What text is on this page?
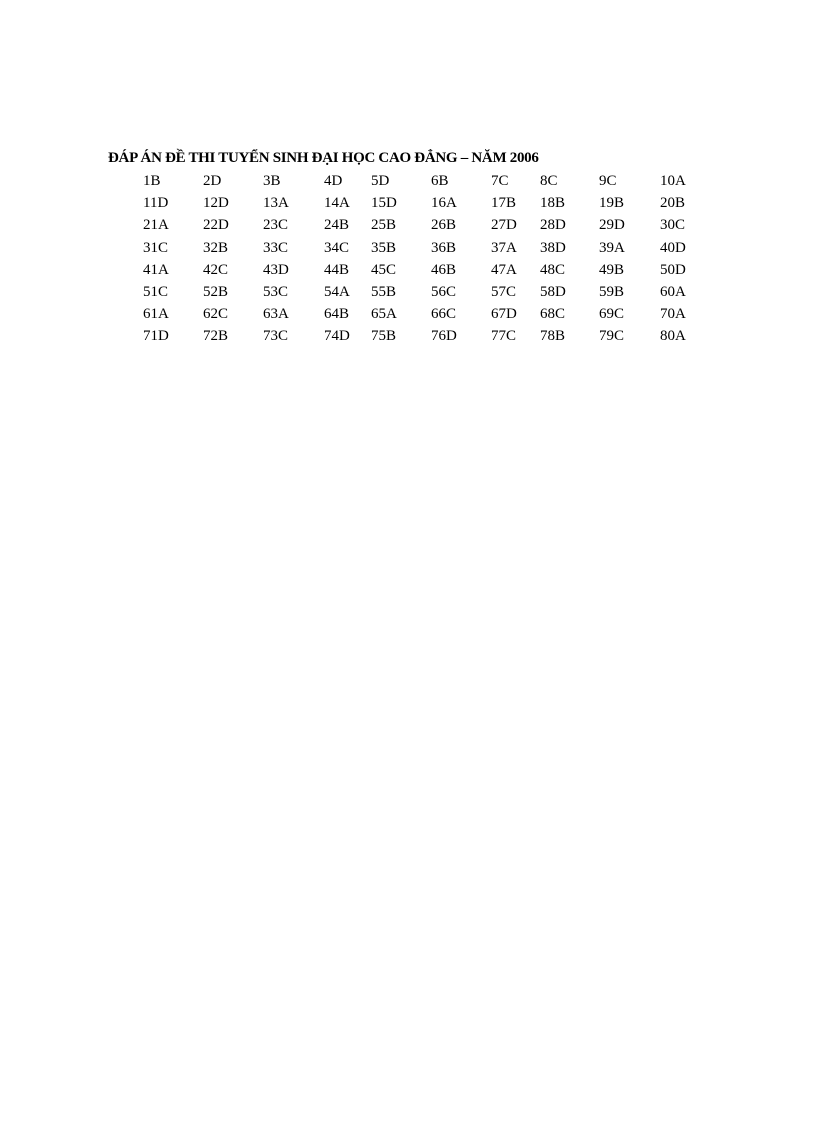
ĐÁP ÁN ĐỀ THI TUYỂN SINH ĐẠI HỌC CAO ĐẲNG – NĂM 2006
1B	2D	3B	4D 5D	6B	7C 8C	9C	10A
11D 12D 13A 14A 15D 16A 17B 18B 19B 20B
21A 22D 23C 24B 25B 26B 27D 28D 29D 30C
31C 32B 33C 34C 35B 36B 37A 38D 39A 40D
41A 42C 43D 44B 45C 46B 47A 48C 49B 50D
51C 52B 53C 54A 55B 56C 57C 58D 59B 60A
61A 62C 63A 64B 65A 66C 67D 68C 69C 70A
71D 72B 73C 74D 75B 76D 77C 78B 79C 80A
